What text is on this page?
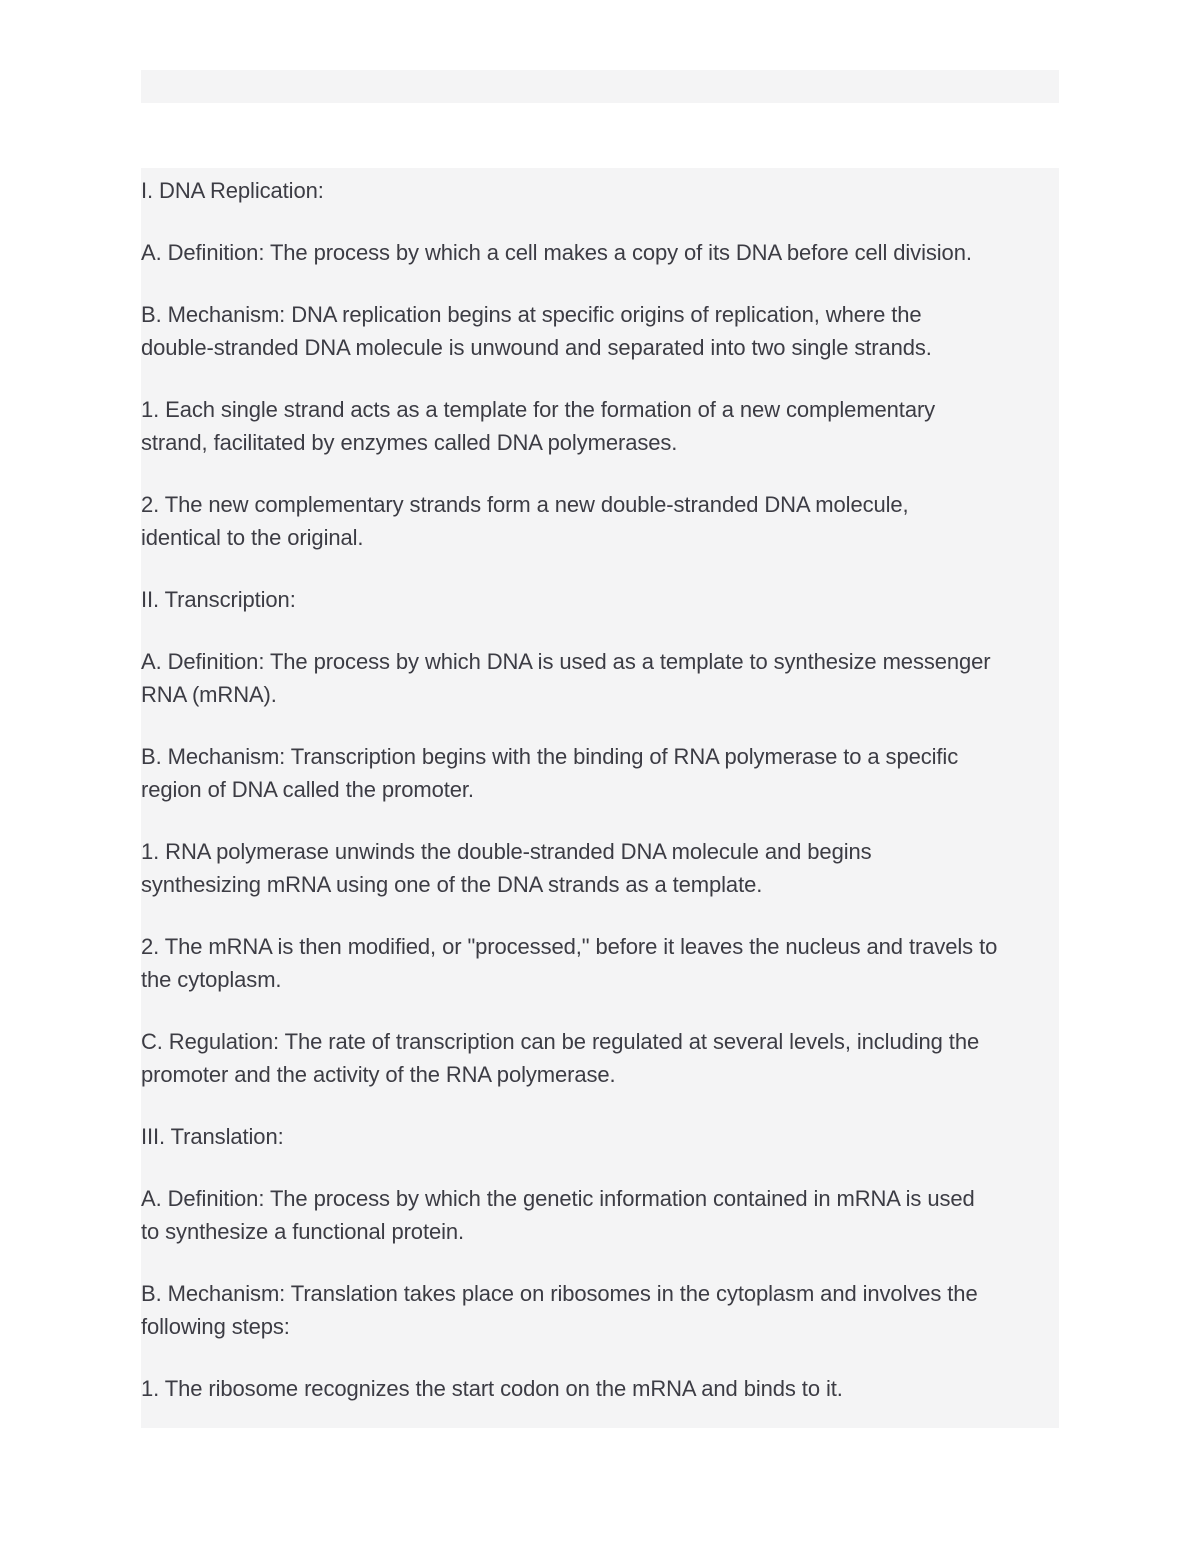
I. DNA Replication:

A. Definition: The process by which a cell makes a copy of its DNA before cell division.

B. Mechanism: DNA replication begins at specific origins of replication, where the
double-stranded DNA molecule is unwound and separated into two single strands.

1. Each single strand acts as a template for the formation of a new complementary
strand, facilitated by enzymes called DNA polymerases.

2. The new complementary strands form a new double-stranded DNA molecule,
identical to the original.

II. Transcription:

A. Definition: The process by which DNA is used as a template to synthesize messenger
RNA (mRNA).

B. Mechanism: Transcription begins with the binding of RNA polymerase to a specific
region of DNA called the promoter.

1. RNA polymerase unwinds the double-stranded DNA molecule and begins
synthesizing mRNA using one of the DNA strands as a template.

2. The mRNA is then modified, or "processed," before it leaves the nucleus and travels to
the cytoplasm.

C. Regulation: The rate of transcription can be regulated at several levels, including the
promoter and the activity of the RNA polymerase.

III. Translation:

A. Definition: The process by which the genetic information contained in mRNA is used
to synthesize a functional protein.

B. Mechanism: Translation takes place on ribosomes in the cytoplasm and involves the
following steps:

1. The ribosome recognizes the start codon on the mRNA and binds to it.
